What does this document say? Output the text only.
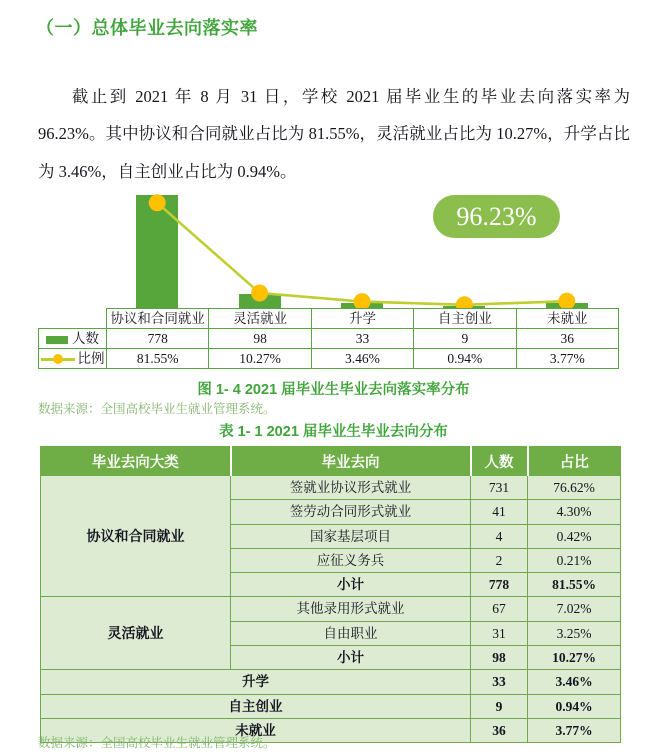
（一）总体毕业去向落实率

截止到 2021 年 8 月 31 日，学校 2021 届毕业生的毕业去向落实率为 96.23%。其中协议和合同就业占比为 81.55%，灵活就业占比为 10.27%，升学占比为 3.46%，自主创业占比为 0.94%。

96.23%
	协议和合同就业	灵活就业	升学	自主创业	未就业
人数	778	98	33	9	36

比例	81.55%	10.27%	3.46%	0.94%	3.77%
图 1- 4 2021 届毕业生毕业去向落实率分布
数据来源：全国高校毕业生就业管理系统。
表 1- 1 2021 届毕业生毕业去向分布
毕业去向大类	毕业去向	人数	占比
协议和合同就业	签就业协议形式就业	731	76.62%
	签劳动合同形式就业	41	4.30%
	国家基层项目	4	0.42%
	应征义务兵	2	0.21%
	小计	778	81.55%
灵活就业	其他录用形式就业	67	7.02%
	自由职业	31	3.25%
	小计	98	10.27%
升学		33	3.46%
自主创业		9	0.94%
未就业		36	3.77%
数据来源：全国高校毕业生就业管理系统。
